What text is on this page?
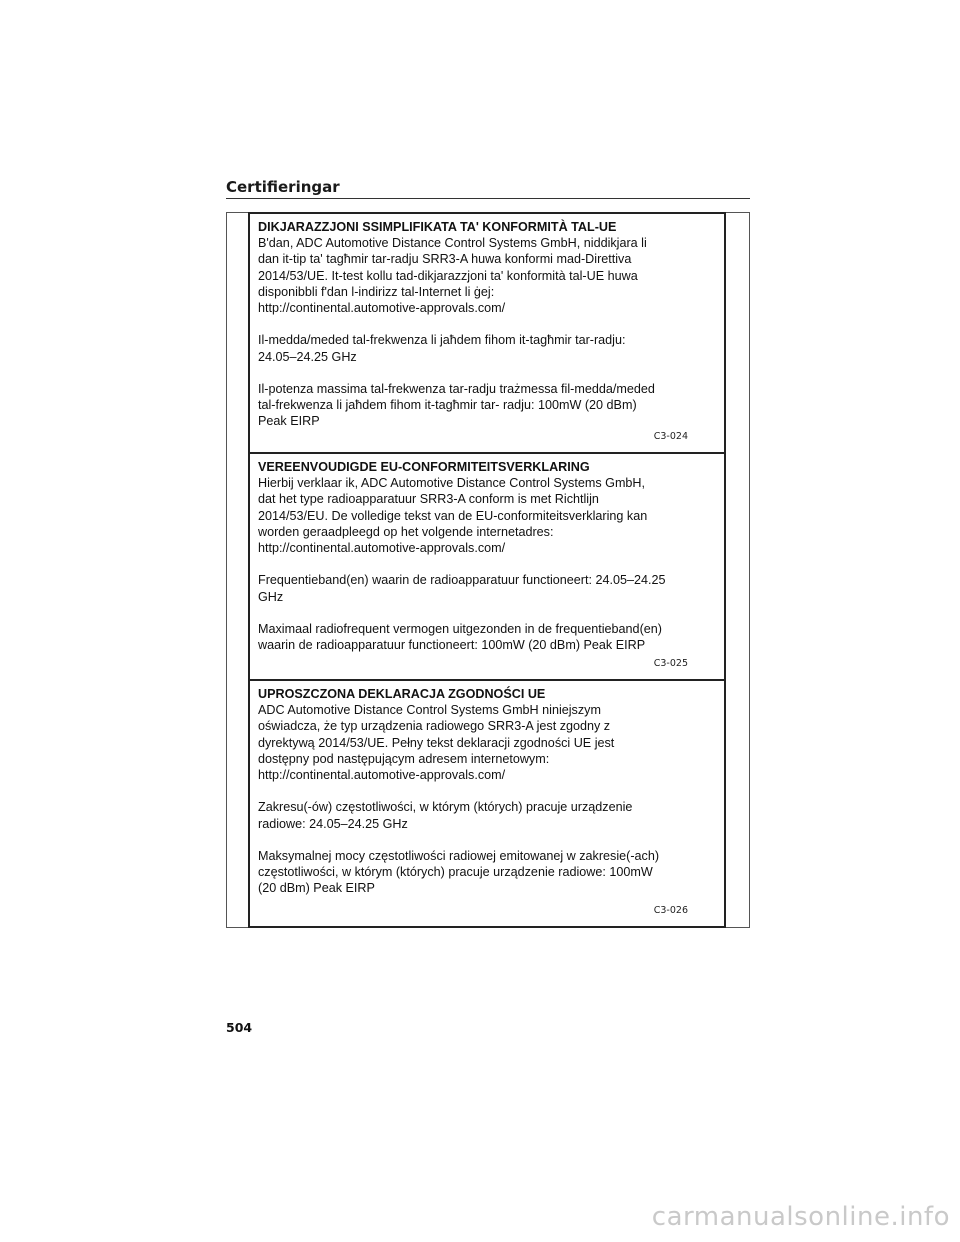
Certifieringar

DIKJARAZZJONI SSIMPLIFIKATA TA' KONFORMITÀ TAL-UE
B'dan, ADC Automotive Distance Control Systems GmbH, niddikjara li
dan it-tip ta' tagħmir tar-radju SRR3-A huwa konformi mad-Direttiva
2014/53/UE. It-test kollu tad-dikjarazzjoni ta' konformità tal-UE huwa
disponibbli f'dan l-indirizz tal-Internet li ġej:
http://continental.automotive-approvals.com/

Il-medda/meded tal-frekwenza li jaħdem fihom it-tagħmir tar-radju:
24.05–24.25 GHz

Il-potenza massima tal-frekwenza tar-radju trażmessa fil-medda/meded
tal-frekwenza li jaħdem fihom it-tagħmir tar- radju: 100mW (20 dBm)
Peak EIRP

C3-024

VEREENVOUDIGDE EU-CONFORMITEITSVERKLARING
Hierbij verklaar ik, ADC Automotive Distance Control Systems GmbH,
dat het type radioapparatuur SRR3-A conform is met Richtlijn
2014/53/EU. De volledige tekst van de EU-conformiteitsverklaring kan
worden geraadpleegd op het volgende internetadres:
http://continental.automotive-approvals.com/

Frequentieband(en) waarin de radioapparatuur functioneert: 24.05–24.25
GHz

Maximaal radiofrequent vermogen uitgezonden in de frequentieband(en)
waarin de radioapparatuur functioneert: 100mW (20 dBm) Peak EIRP

C3-025

UPROSZCZONA DEKLARACJA ZGODNOŚCI UE
ADC Automotive Distance Control Systems GmbH niniejszym
oświadcza, że typ urządzenia radiowego SRR3-A jest zgodny z
dyrektywą 2014/53/UE. Pełny tekst deklaracji zgodności UE jest
dostępny pod następującym adresem internetowym:
http://continental.automotive-approvals.com/

Zakresu(-ów) częstotliwości, w którym (których) pracuje urządzenie
radiowe: 24.05–24.25 GHz

Maksymalnej mocy częstotliwości radiowej emitowanej w zakresie(-ach)
częstotliwości, w którym (których) pracuje urządzenie radiowe: 100mW
(20 dBm) Peak EIRP

C3-026
504
carmanualsonline.info
